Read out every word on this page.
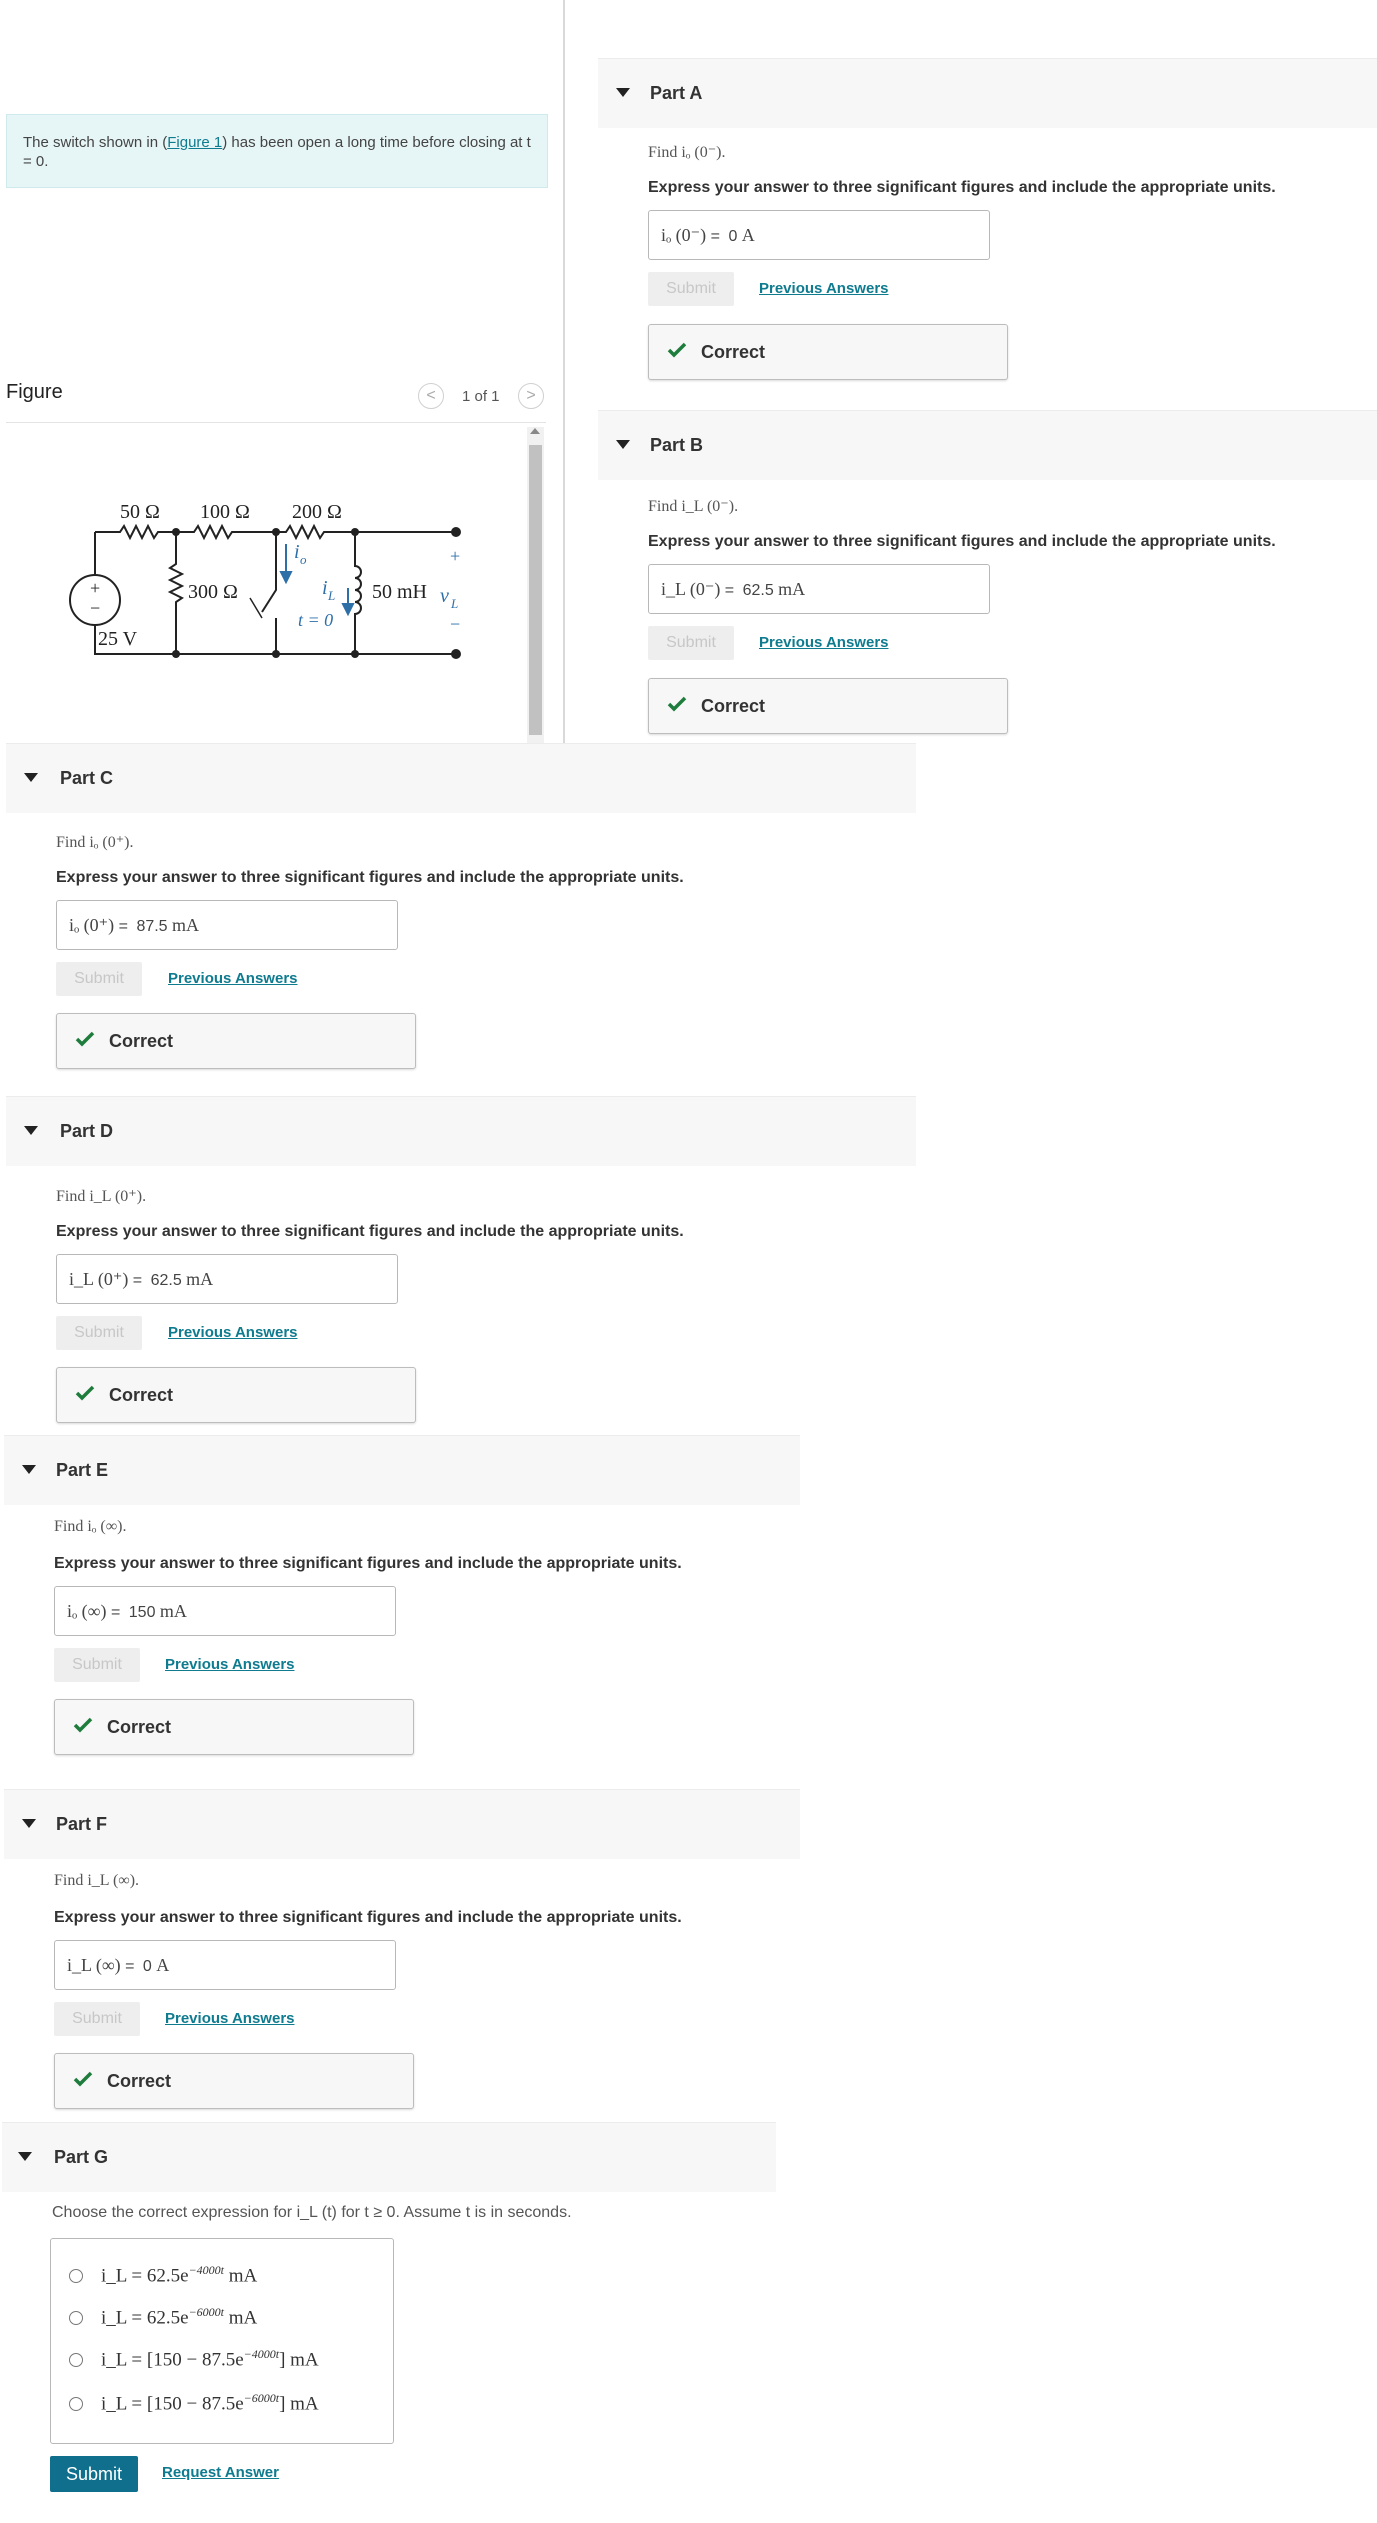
The switch shown in (Figure 1) has been open a long time before closing at t = 0.
Figure	<	1 of 1	>
50 Ω 100 Ω 200 Ω
300 Ω
25 V
+
−
50 mH
+
−
v L
i o
i L
t = 0
Part A
Find iₒ (0⁻).
Express your answer to three significant figures and include the appropriate units.
iₒ (0⁻) = 0 A
Submit	Previous Answers
Correct
Part B
Find i_L (0⁻).
Express your answer to three significant figures and include the appropriate units.
i_L (0⁻) = 62.5 mA
Submit	Previous Answers
Correct
Part C
Find iₒ (0⁺).
Express your answer to three significant figures and include the appropriate units.
iₒ (0⁺) = 87.5 mA
Submit	Previous Answers
Correct
Part D
Find i_L (0⁺).
Express your answer to three significant figures and include the appropriate units.
i_L (0⁺) = 62.5 mA
Submit	Previous Answers
Correct
Part E
Find iₒ (∞).
Express your answer to three significant figures and include the appropriate units.
iₒ (∞) = 150 mA
Submit	Previous Answers
Correct
Part F
Find i_L (∞).
Express your answer to three significant figures and include the appropriate units.
i_L (∞) = 0 A
Submit	Previous Answers
Correct
Part G
Choose the correct expression for i_L (t) for t ≥ 0. Assume t is in seconds.
i_L = $62.5e^{-4000t}$ mA
i_L = $62.5e^{-6000t}$ mA
i_L = $[150 - 87.5e^{-4000t}]$ mA
i_L = $[150 - 87.5e^{-6000t}]$ mA
Submit	Request Answer
